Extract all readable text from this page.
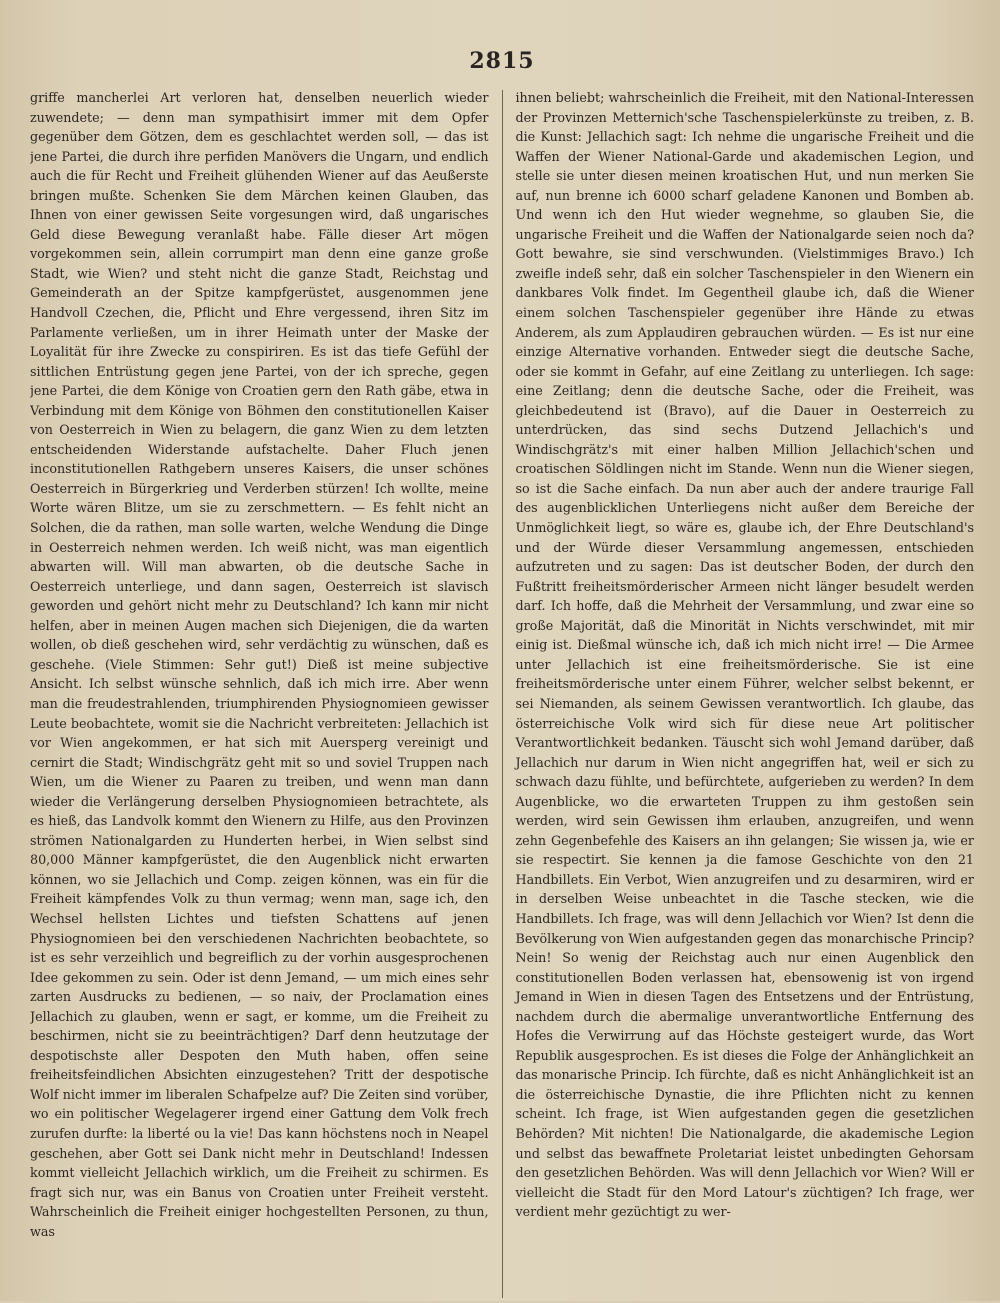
2815
griffe mancherlei Art verloren hat, denselben neuerlich wieder zuwendete; — denn man sympathisirt immer mit dem Opfer gegenüber dem Götzen, dem es geschlachtet werden soll, — das ist jene Partei, die durch ihre perfiden Manövers die Ungarn, und endlich auch die für Recht und Freiheit glühenden Wiener auf das Aeußerste bringen mußte. Schenken Sie dem Märchen keinen Glauben, das Ihnen von einer gewissen Seite vorgesungen wird, daß ungarisches Geld diese Bewegung veranlaßt habe. Fälle dieser Art mögen vorgekommen sein, allein corrumpirt man denn eine ganze große Stadt, wie Wien? und steht nicht die ganze Stadt, Reichstag und Gemeinderath an der Spitze kampfgerüstet, ausgenommen jene Handvoll Czechen, die, Pflicht und Ehre vergessend, ihren Sitz im Parlamente verließen, um in ihrer Heimath unter der Maske der Loyalität für ihre Zwecke zu conspiriren. Es ist das tiefe Gefühl der sittlichen Entrüstung gegen jene Partei, von der ich spreche, gegen jene Partei, die dem Könige von Croatien gern den Rath gäbe, etwa in Verbindung mit dem Könige von Böhmen den constitutionellen Kaiser von Oesterreich in Wien zu belagern, die ganz Wien zu dem letzten entscheidenden Widerstande aufstachelte. Daher Fluch jenen inconstitutionellen Rathgebern unseres Kaisers, die unser schönes Oesterreich in Bürgerkrieg und Verderben stürzen! Ich wollte, meine Worte wären Blitze, um sie zu zerschmettern. — Es fehlt nicht an Solchen, die da rathen, man solle warten, welche Wendung die Dinge in Oesterreich nehmen werden. Ich weiß nicht, was man eigentlich abwarten will. Will man abwarten, ob die deutsche Sache in Oesterreich unterliege, und dann sagen, Oesterreich ist slavisch geworden und gehört nicht mehr zu Deutschland? Ich kann mir nicht helfen, aber in meinen Augen machen sich Diejenigen, die da warten wollen, ob dieß geschehen wird, sehr verdächtig zu wünschen, daß es geschehe. (Viele Stimmen: Sehr gut!) Dieß ist meine subjective Ansicht. Ich selbst wünsche sehnlich, daß ich mich irre. Aber wenn man die freudestrahlenden, triumphirenden Physiognomieen gewisser Leute beobachtete, womit sie die Nachricht verbreiteten: Jellachich ist vor Wien angekommen, er hat sich mit Auersperg vereinigt und cernirt die Stadt; Windischgrätz geht mit so und soviel Truppen nach Wien, um die Wiener zu Paaren zu treiben, und wenn man dann wieder die Verlängerung derselben Physiognomieen betrachtete, als es hieß, das Landvolk kommt den Wienern zu Hilfe, aus den Provinzen strömen Nationalgarden zu Hunderten herbei, in Wien selbst sind 80,000 Männer kampfgerüstet, die den Augenblick nicht erwarten können, wo sie Jellachich und Comp. zeigen können, was ein für die Freiheit kämpfendes Volk zu thun vermag; wenn man, sage ich, den Wechsel hellsten Lichtes und tiefsten Schattens auf jenen Physiognomieen bei den verschiedenen Nachrichten beobachtete, so ist es sehr verzeihlich und begreiflich zu der vorhin ausgesprochenen Idee gekommen zu sein. Oder ist denn Jemand, — um mich eines sehr zarten Ausdrucks zu bedienen, — so naiv, der Proclamation eines Jellachich zu glauben, wenn er sagt, er komme, um die Freiheit zu beschirmen, nicht sie zu beeinträchtigen? Darf denn heutzutage der despotischste aller Despoten den Muth haben, offen seine freiheitsfeindlichen Absichten einzugestehen? Tritt der despotische Wolf nicht immer im liberalen Schafpelze auf? Die Zeiten sind vorüber, wo ein politischer Wegelagerer irgend einer Gattung dem Volk frech zurufen durfte: la liberté ou la vie! Das kann höchstens noch in Neapel geschehen, aber Gott sei Dank nicht mehr in Deutschland! Indessen kommt vielleicht Jellachich wirklich, um die Freiheit zu schirmen. Es fragt sich nur, was ein Banus von Croatien unter Freiheit versteht. Wahrscheinlich die Freiheit einiger hochgestellten Personen, zu thun, was
ihnen beliebt; wahrscheinlich die Freiheit, mit den National-Interessen der Provinzen Metternich'sche Taschenspielerkünste zu treiben, z. B. die Kunst: Jellachich sagt: Ich nehme die ungarische Freiheit und die Waffen der Wiener National-Garde und akademischen Legion, und stelle sie unter diesen meinen kroatischen Hut, und nun merken Sie auf, nun brenne ich 6000 scharf geladene Kanonen und Bomben ab. Und wenn ich den Hut wieder wegnehme, so glauben Sie, die ungarische Freiheit und die Waffen der Nationalgarde seien noch da? Gott bewahre, sie sind verschwunden. (Vielstimmiges Bravo.) Ich zweifle indeß sehr, daß ein solcher Taschenspieler in den Wienern ein dankbares Volk findet. Im Gegentheil glaube ich, daß die Wiener einem solchen Taschenspieler gegenüber ihre Hände zu etwas Anderem, als zum Applaudiren gebrauchen würden. — Es ist nur eine einzige Alternative vorhanden. Entweder siegt die deutsche Sache, oder sie kommt in Gefahr, auf eine Zeitlang zu unterliegen. Ich sage: eine Zeitlang; denn die deutsche Sache, oder die Freiheit, was gleichbedeutend ist (Bravo), auf die Dauer in Oesterreich zu unterdrücken, das sind sechs Dutzend Jellachich's und Windischgrätz's mit einer halben Million Jellachich'schen und croatischen Söldlingen nicht im Stande. Wenn nun die Wiener siegen, so ist die Sache einfach. Da nun aber auch der andere traurige Fall des augenblicklichen Unterliegens nicht außer dem Bereiche der Unmöglichkeit liegt, so wäre es, glaube ich, der Ehre Deutschland's und der Würde dieser Versammlung angemessen, entschieden aufzutreten und zu sagen: Das ist deutscher Boden, der durch den Fußtritt freiheitsmörderischer Armeen nicht länger besudelt werden darf. Ich hoffe, daß die Mehrheit der Versammlung, und zwar eine so große Majorität, daß die Minorität in Nichts verschwindet, mit mir einig ist. Dießmal wünsche ich, daß ich mich nicht irre! — Die Armee unter Jellachich ist eine freiheitsmörderische. Sie ist eine freiheitsmörderische unter einem Führer, welcher selbst bekennt, er sei Niemanden, als seinem Gewissen verantwortlich. Ich glaube, das österreichische Volk wird sich für diese neue Art politischer Verantwortlichkeit bedanken. Täuscht sich wohl Jemand darüber, daß Jellachich nur darum in Wien nicht angegriffen hat, weil er sich zu schwach dazu fühlte, und befürchtete, aufgerieben zu werden? In dem Augenblicke, wo die erwarteten Truppen zu ihm gestoßen sein werden, wird sein Gewissen ihm erlauben, anzugreifen, und wenn zehn Gegenbefehle des Kaisers an ihn gelangen; Sie wissen ja, wie er sie respectirt. Sie kennen ja die famose Geschichte von den 21 Handbillets. Ein Verbot, Wien anzugreifen und zu desarmiren, wird er in derselben Weise unbeachtet in die Tasche stecken, wie die Handbillets. Ich frage, was will denn Jellachich vor Wien? Ist denn die Bevölkerung von Wien aufgestanden gegen das monarchische Princip? Nein! So wenig der Reichstag auch nur einen Augenblick den constitutionellen Boden verlassen hat, ebensowenig ist von irgend Jemand in Wien in diesen Tagen des Entsetzens und der Entrüstung, nachdem durch die abermalige unverantwortliche Entfernung des Hofes die Verwirrung auf das Höchste gesteigert wurde, das Wort Republik ausgesprochen. Es ist dieses die Folge der Anhänglichkeit an das monarische Princip. Ich fürchte, daß es nicht Anhänglichkeit ist an die österreichische Dynastie, die ihre Pflichten nicht zu kennen scheint. Ich frage, ist Wien aufgestanden gegen die gesetzlichen Behörden? Mit nichten! Die Nationalgarde, die akademische Legion und selbst das bewaffnete Proletariat leistet unbedingten Gehorsam den gesetzlichen Behörden. Was will denn Jellachich vor Wien? Will er vielleicht die Stadt für den Mord Latour's züchtigen? Ich frage, wer verdient mehr gezüchtigt zu wer-
